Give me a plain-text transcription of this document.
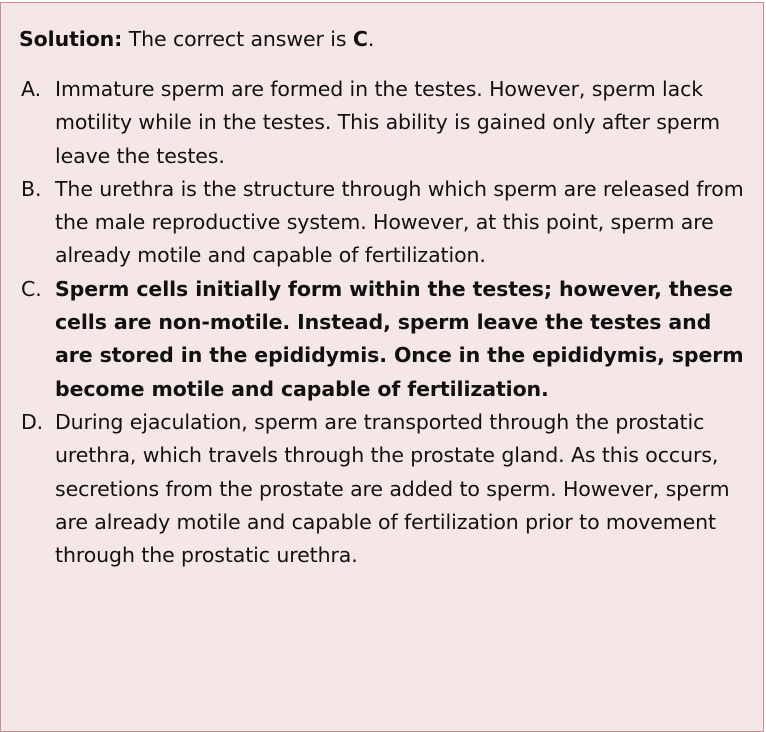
Solution: The correct answer is C.

A. Immature sperm are formed in the testes. However, sperm lack motility while in the testes. This ability is gained only after sperm leave the testes.
B. The urethra is the structure through which sperm are released from the male reproductive system. However, at this point, sperm are already motile and capable of fertilization.
C. Sperm cells initially form within the testes; however, these cells are non-motile. Instead, sperm leave the testes and are stored in the epididymis. Once in the epididymis, sperm become motile and capable of fertilization.
D. During ejaculation, sperm are transported through the prostatic urethra, which travels through the prostate gland. As this occurs, secretions from the prostate are added to sperm. However, sperm are already motile and capable of fertilization prior to movement through the prostatic urethra.
